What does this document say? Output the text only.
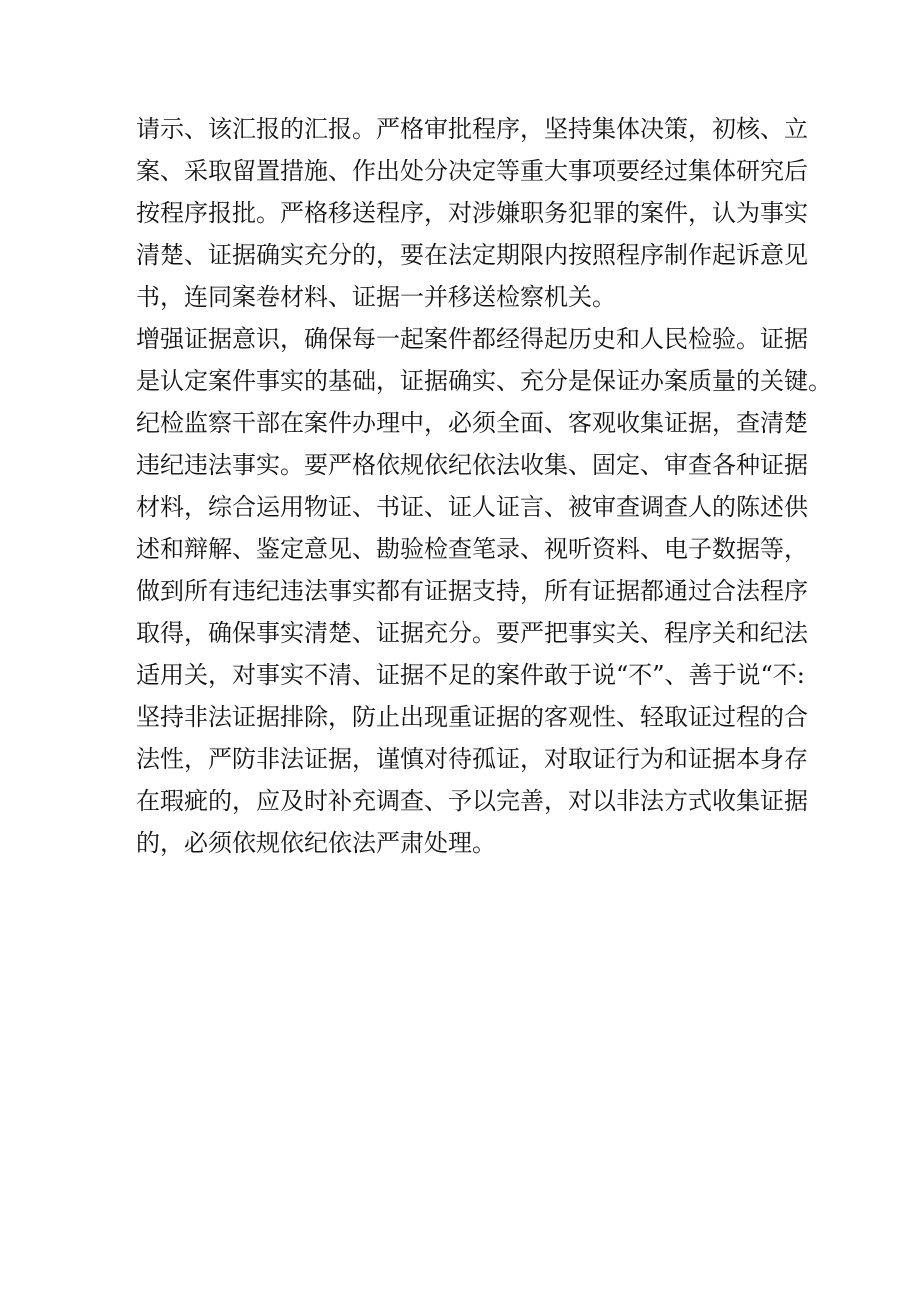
请示、该汇报的汇报。严格审批程序，坚持集体决策，初核、立
案、采取留置措施、作出处分决定等重大事项要经过集体研究后
按程序报批。严格移送程序，对涉嫌职务犯罪的案件，认为事实
清楚、证据确实充分的，要在法定期限内按照程序制作起诉意见
书，连同案卷材料、证据一并移送检察机关。
增强证据意识，确保每一起案件都经得起历史和人民检验。证据
是认定案件事实的基础，证据确实、充分是保证办案质量的关键。
纪检监察干部在案件办理中，必须全面、客观收集证据，查清楚
违纪违法事实。要严格依规依纪依法收集、固定、审查各种证据
材料，综合运用物证、书证、证人证言、被审查调查人的陈述供
述和辩解、鉴定意见、勘验检查笔录、视听资料、电子数据等，
做到所有违纪违法事实都有证据支持，所有证据都通过合法程序
取得，确保事实清楚、证据充分。要严把事实关、程序关和纪法
适用关，对事实不清、证据不足的案件敢于说“不”、善于说“不:
坚持非法证据排除，防止出现重证据的客观性、轻取证过程的合
法性，严防非法证据，谨慎对待孤证，对取证行为和证据本身存
在瑕疵的，应及时补充调查、予以完善，对以非法方式收集证据
的，必须依规依纪依法严肃处理。
